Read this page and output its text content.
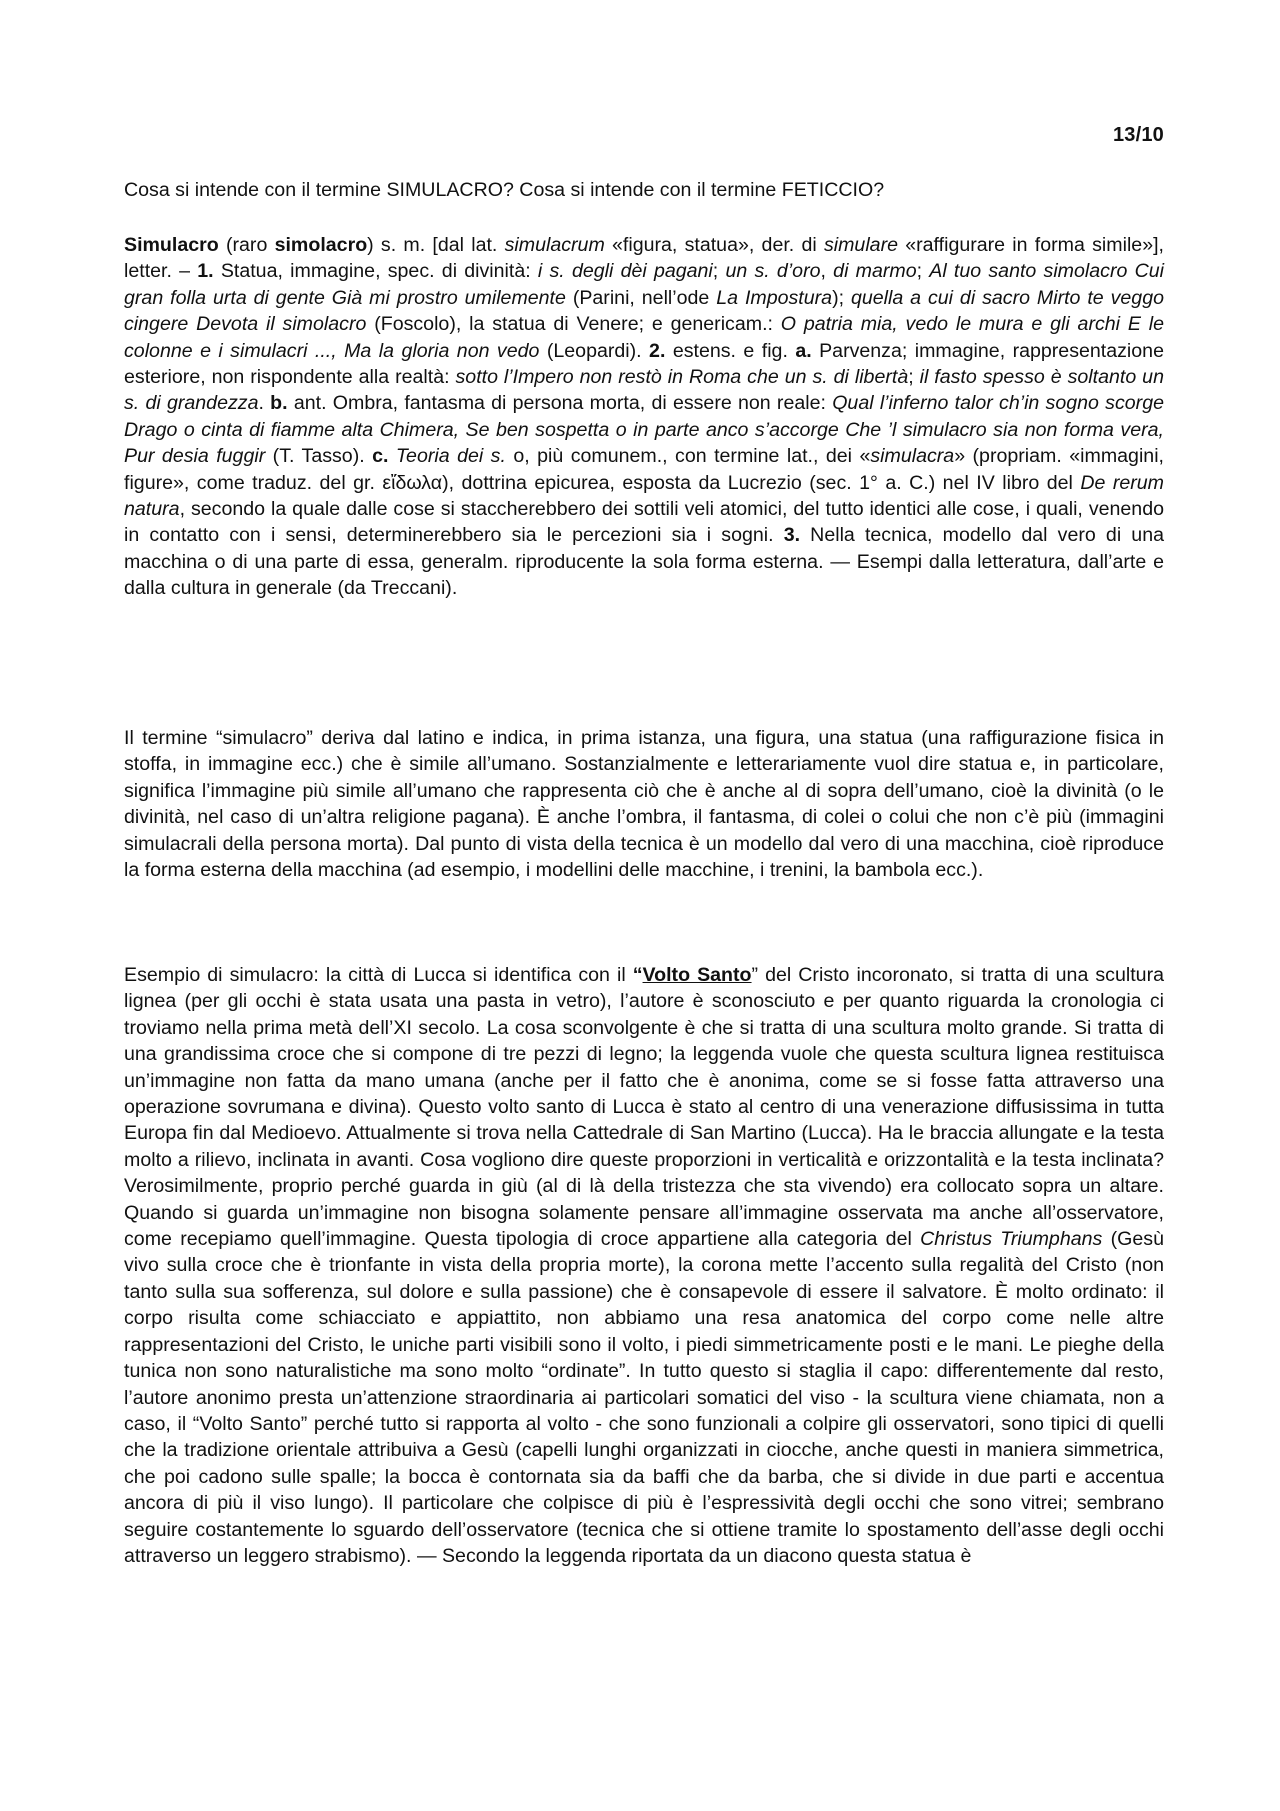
13/10
Cosa si intende con il termine SIMULACRO? Cosa si intende con il termine FETICCIO?

Simulacro (raro simolacro) s. m. [dal lat. simulacrum «figura, statua», der. di simulare «raffigurare in forma simile»], letter. – 1. Statua, immagine, spec. di divinità: i s. degli dèi pagani; un s. d’oro, di marmo; Al tuo santo simolacro Cui gran folla urta di gente Già mi prostro umilemente (Parini, nell’ode La Impostura); quella a cui di sacro Mirto te veggo cingere Devota il simolacro (Foscolo), la statua di Venere; e genericam.: O patria mia, vedo le mura e gli archi E le colonne e i simulacri ..., Ma la gloria non vedo (Leopardi). 2. estens. e fig. a. Parvenza; immagine, rappresentazione esteriore, non rispondente alla realtà: sotto l’Impero non restò in Roma che un s. di libertà; il fasto spesso è soltanto un s. di grandezza. b. ant. Ombra, fantasma di persona morta, di essere non reale: Qual l’inferno talor ch’in sogno scorge Drago o cinta di fiamme alta Chimera, Se ben sospetta o in parte anco s’accorge Che ’l simulacro sia non forma vera, Pur desia fuggir (T. Tasso). c. Teoria dei s. o, più comunem., con termine lat., dei «simulacra» (propriam. «immagini, figure», come traduz. del gr. εἴδωλα), dottrina epicurea, esposta da Lucrezio (sec. 1° a. C.) nel IV libro del De rerum natura, secondo la quale dalle cose si staccherebbero dei sottili veli atomici, del tutto identici alle cose, i quali, venendo in contatto con i sensi, determinerebbero sia le percezioni sia i sogni. 3. Nella tecnica, modello dal vero di una macchina o di una parte di essa, generalm. riproducente la sola forma esterna. — Esempi dalla letteratura, dall’arte e dalla cultura in generale (da Treccani).

Il termine “simulacro” deriva dal latino e indica, in prima istanza, una figura, una statua (una raffigurazione fisica in stoffa, in immagine ecc.) che è simile all’umano. Sostanzialmente e letterariamente vuol dire statua e, in particolare, significa l’immagine più simile all’umano che rappresenta ciò che è anche al di sopra dell’umano, cioè la divinità (o le divinità, nel caso di un’altra religione pagana). È anche l’ombra, il fantasma, di colei o colui che non c’è più (immagini simulacrali della persona morta). Dal punto di vista della tecnica è un modello dal vero di una macchina, cioè riproduce la forma esterna della macchina (ad esempio, i modellini delle macchine, i trenini, la bambola ecc.).

Esempio di simulacro: la città di Lucca si identifica con il “Volto Santo” del Cristo incoronato, si tratta di una scultura lignea (per gli occhi è stata usata una pasta in vetro), l’autore è sconosciuto e per quanto riguarda la cronologia ci troviamo nella prima metà dell’XI secolo. La cosa sconvolgente è che si tratta di una scultura molto grande. Si tratta di una grandissima croce che si compone di tre pezzi di legno; la leggenda vuole che questa scultura lignea restituisca un’immagine non fatta da mano umana (anche per il fatto che è anonima, come se si fosse fatta attraverso una operazione sovrumana e divina). Questo volto santo di Lucca è stato al centro di una venerazione diffusissima in tutta Europa fin dal Medioevo. Attualmente si trova nella Cattedrale di San Martino (Lucca). Ha le braccia allungate e la testa molto a rilievo, inclinata in avanti. Cosa vogliono dire queste proporzioni in verticalità e orizzontalità e la testa inclinata? Verosimilmente, proprio perché guarda in giù (al di là della tristezza che sta vivendo) era collocato sopra un altare. Quando si guarda un’immagine non bisogna solamente pensare all’immagine osservata ma anche all’osservatore, come recepiamo quell’immagine. Questa tipologia di croce appartiene alla categoria del Christus Triumphans (Gesù vivo sulla croce che è trionfante in vista della propria morte), la corona mette l’accento sulla regalità del Cristo (non tanto sulla sua sofferenza, sul dolore e sulla passione) che è consapevole di essere il salvatore. È molto ordinato: il corpo risulta come schiacciato e appiattito, non abbiamo una resa anatomica del corpo come nelle altre rappresentazioni del Cristo, le uniche parti visibili sono il volto, i piedi simmetricamente posti e le mani. Le pieghe della tunica non sono naturalistiche ma sono molto “ordinate”. In tutto questo si staglia il capo: differentemente dal resto, l’autore anonimo presta un’attenzione straordinaria ai particolari somatici del viso - la scultura viene chiamata, non a caso, il “Volto Santo” perché tutto si rapporta al volto - che sono funzionali a colpire gli osservatori, sono tipici di quelli che la tradizione orientale attribuiva a Gesù (capelli lunghi organizzati in ciocche, anche questi in maniera simmetrica, che poi cadono sulle spalle; la bocca è contornata sia da baffi che da barba, che si divide in due parti e accentua ancora di più il viso lungo). Il particolare che colpisce di più è l’espressività degli occhi che sono vitrei; sembrano seguire costantemente lo sguardo dell’osservatore (tecnica che si ottiene tramite lo spostamento dell’asse degli occhi attraverso un leggero strabismo). — Secondo la leggenda riportata da un diacono questa statua è
